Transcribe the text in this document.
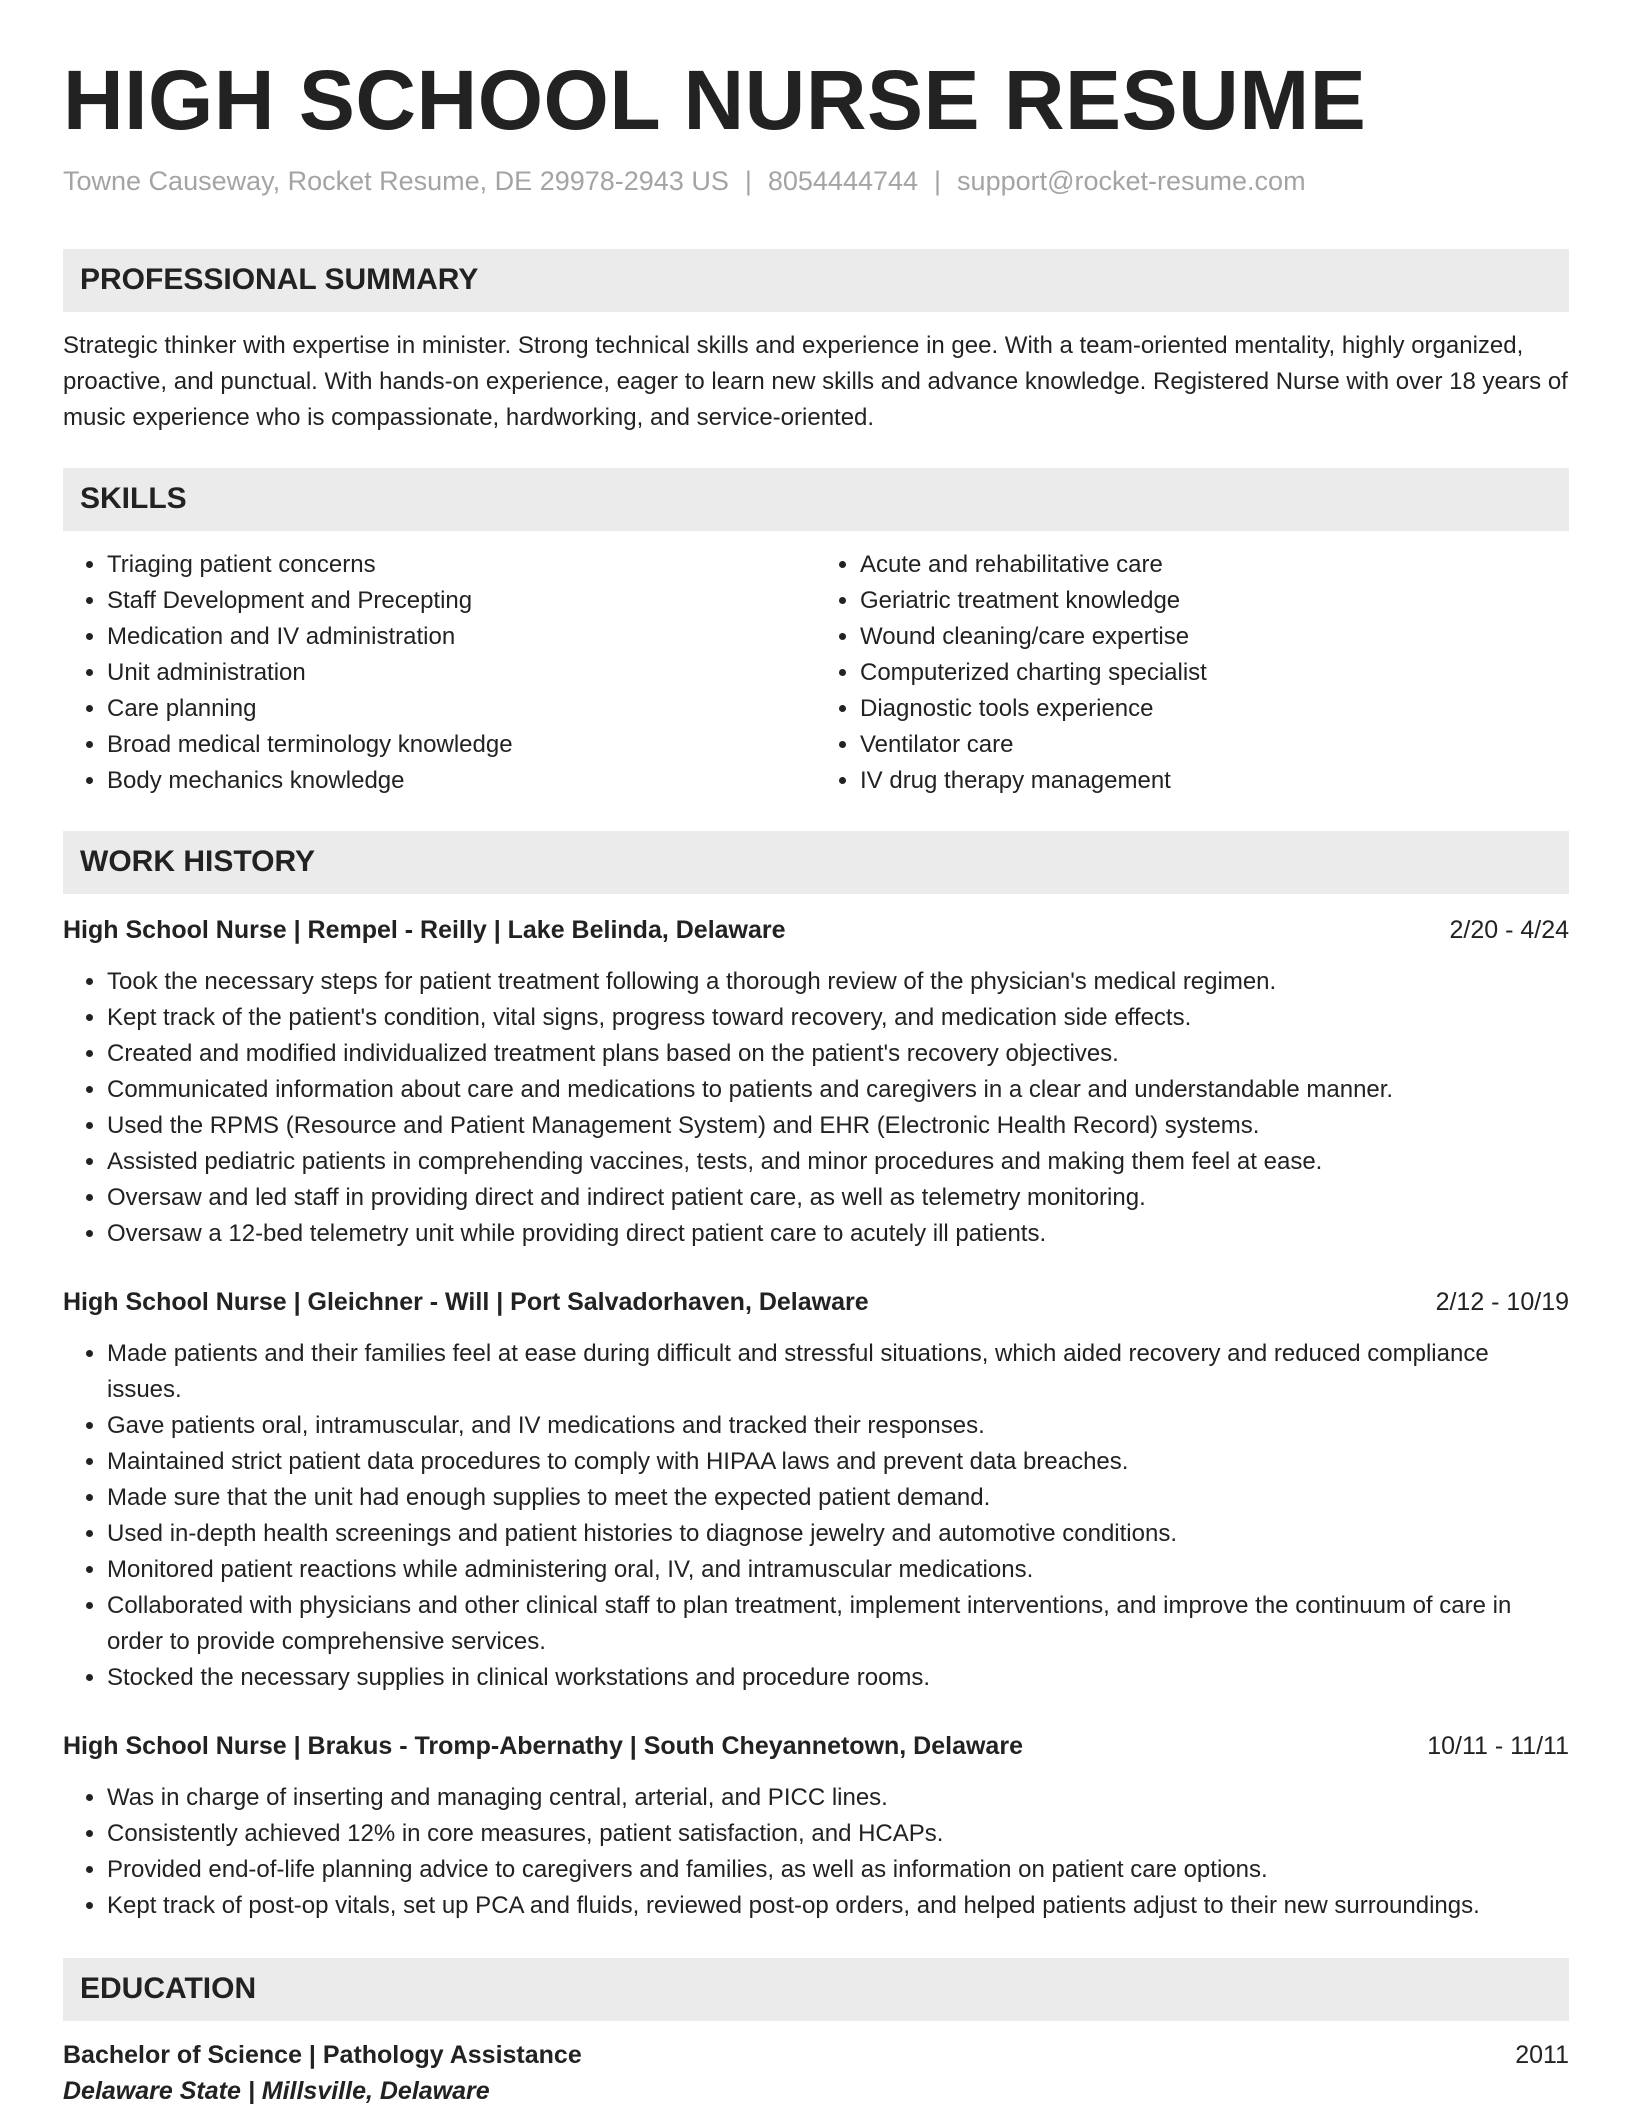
HIGH SCHOOL NURSE RESUME
Towne Causeway, Rocket Resume, DE 29978-2943 US | 8054444744 | support@rocket-resume.com
PROFESSIONAL SUMMARY
Strategic thinker with expertise in minister. Strong technical skills and experience in gee. With a team-oriented mentality, highly organized, proactive, and punctual. With hands-on experience, eager to learn new skills and advance knowledge. Registered Nurse with over 18 years of music experience who is compassionate, hardworking, and service-oriented.
SKILLS
• Triaging patient concerns
• Staff Development and Precepting
• Medication and IV administration
• Unit administration
• Care planning
• Broad medical terminology knowledge
• Body mechanics knowledge
• Acute and rehabilitative care
• Geriatric treatment knowledge
• Wound cleaning/care expertise
• Computerized charting specialist
• Diagnostic tools experience
• Ventilator care
• IV drug therapy management
WORK HISTORY
High School Nurse | Rempel - Reilly | Lake Belinda, Delaware	2/20 - 4/24
• Took the necessary steps for patient treatment following a thorough review of the physician's medical regimen.
• Kept track of the patient's condition, vital signs, progress toward recovery, and medication side effects.
• Created and modified individualized treatment plans based on the patient's recovery objectives.
• Communicated information about care and medications to patients and caregivers in a clear and understandable manner.
• Used the RPMS (Resource and Patient Management System) and EHR (Electronic Health Record) systems.
• Assisted pediatric patients in comprehending vaccines, tests, and minor procedures and making them feel at ease.
• Oversaw and led staff in providing direct and indirect patient care, as well as telemetry monitoring.
• Oversaw a 12-bed telemetry unit while providing direct patient care to acutely ill patients.
High School Nurse | Gleichner - Will | Port Salvadorhaven, Delaware	2/12 - 10/19
• Made patients and their families feel at ease during difficult and stressful situations, which aided recovery and reduced compliance issues.
• Gave patients oral, intramuscular, and IV medications and tracked their responses.
• Maintained strict patient data procedures to comply with HIPAA laws and prevent data breaches.
• Made sure that the unit had enough supplies to meet the expected patient demand.
• Used in-depth health screenings and patient histories to diagnose jewelry and automotive conditions.
• Monitored patient reactions while administering oral, IV, and intramuscular medications.
• Collaborated with physicians and other clinical staff to plan treatment, implement interventions, and improve the continuum of care in order to provide comprehensive services.
• Stocked the necessary supplies in clinical workstations and procedure rooms.
High School Nurse | Brakus - Tromp-Abernathy | South Cheyannetown, Delaware	10/11 - 11/11
• Was in charge of inserting and managing central, arterial, and PICC lines.
• Consistently achieved 12% in core measures, patient satisfaction, and HCAPs.
• Provided end-of-life planning advice to caregivers and families, as well as information on patient care options.
• Kept track of post-op vitals, set up PCA and fluids, reviewed post-op orders, and helped patients adjust to their new surroundings.
EDUCATION
Bachelor of Science | Pathology Assistance	2011
Delaware State | Millsville, Delaware
